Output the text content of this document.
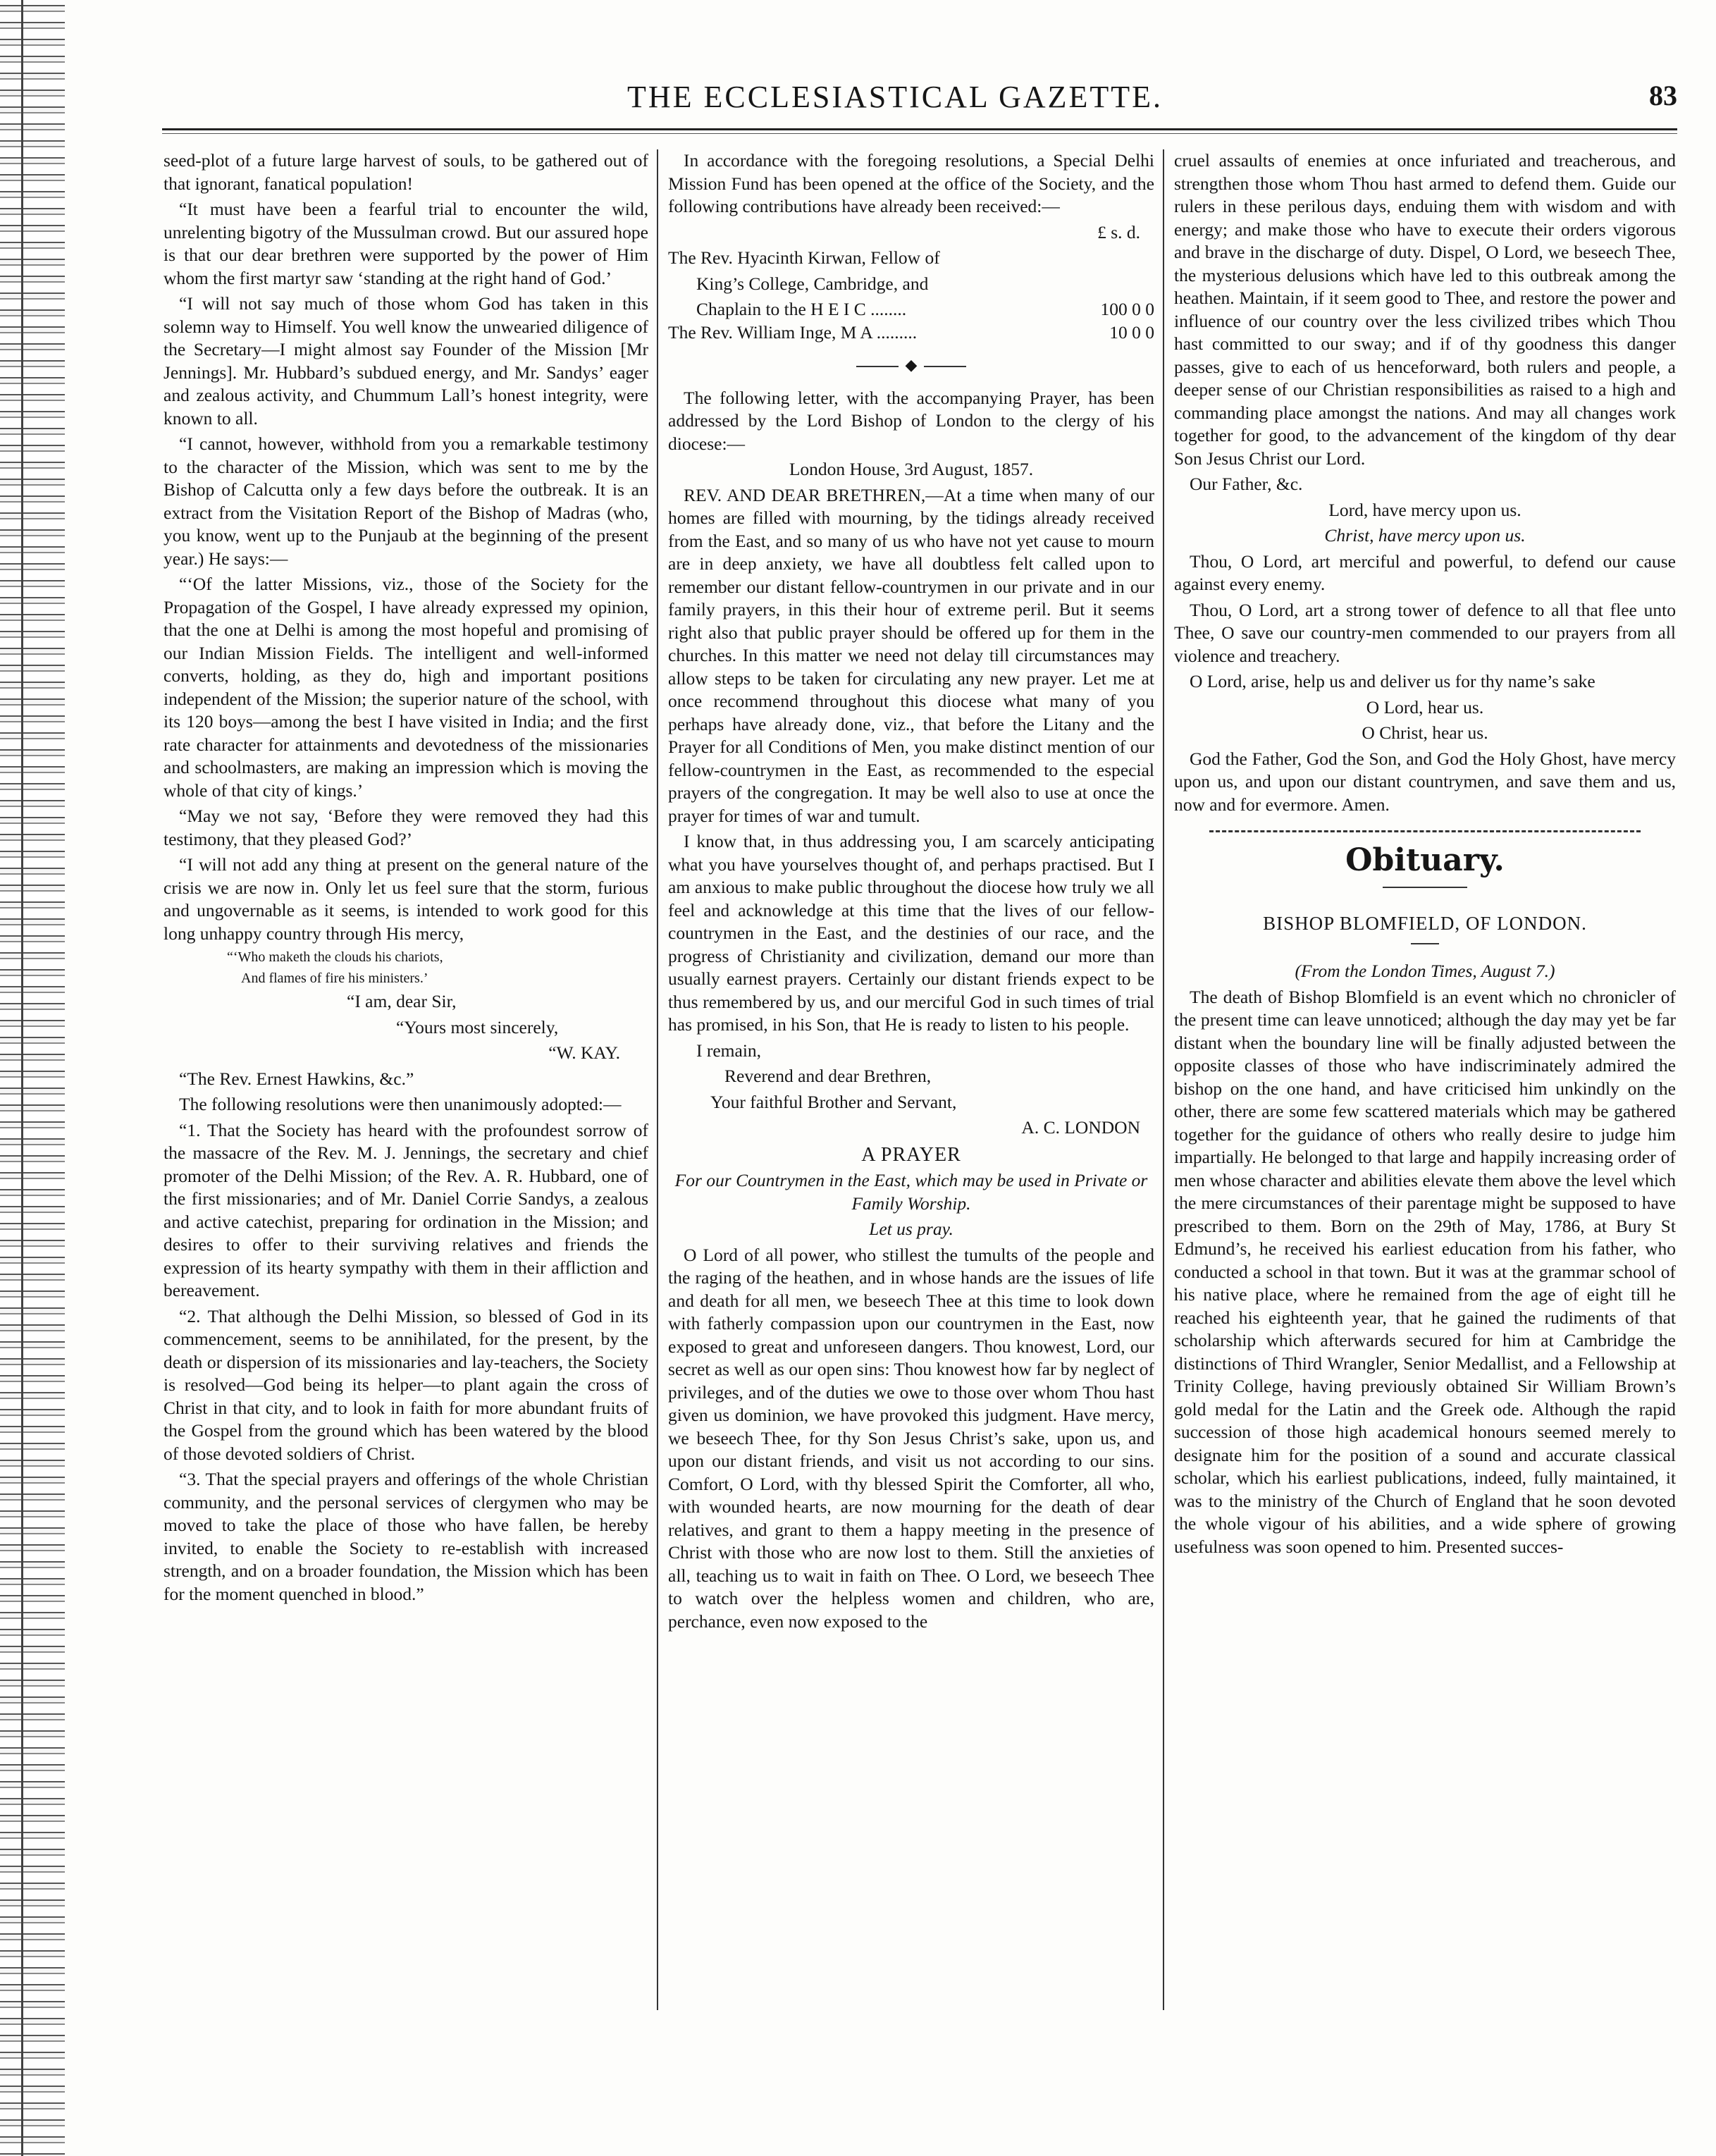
THE ECCLESIASTICAL GAZETTE.	83

seed-plot of a future large harvest of souls, to be gathered out of that ignorant, fanatical population!

“It must have been a fearful trial to encounter the wild, unrelenting bigotry of the Mussulman crowd. But our assured hope is that our dear brethren were supported by the power of Him whom the first martyr saw ‘standing at the right hand of God.’

“I will not say much of those whom God has taken in this solemn way to Himself. You well know the unwearied diligence of the Secretary—I might almost say Founder of the Mission [Mr Jennings]. Mr. Hubbard’s subdued energy, and Mr. Sandys’ eager and zealous activity, and Chummum Lall’s honest integrity, were known to all.

“I cannot, however, withhold from you a remarkable testimony to the character of the Mission, which was sent to me by the Bishop of Calcutta only a few days before the outbreak. It is an extract from the Visitation Report of the Bishop of Madras (who, you know, went up to the Punjaub at the beginning of the present year.) He says:—

“‘Of the latter Missions, viz., those of the Society for the Propagation of the Gospel, I have already expressed my opinion, that the one at Delhi is among the most hopeful and promising of our Indian Mission Fields. The intelligent and well-informed converts, holding, as they do, high and important positions independent of the Mission; the superior nature of the school, with its 120 boys—among the best I have visited in India; and the first rate character for attainments and devotedness of the missionaries and schoolmasters, are making an impression which is moving the whole of that city of kings.’

“May we not say, ‘Before they were removed they had this testimony, that they pleased God?’

“I will not add any thing at present on the general nature of the crisis we are now in. Only let us feel sure that the storm, furious and ungovernable as it seems, is intended to work good for this long unhappy country through His mercy,

“‘Who maketh the clouds his chariots,

And flames of fire his ministers.’

“I am, dear Sir,

“Yours most sincerely,

“W. KAY.

“The Rev. Ernest Hawkins, &c.”

The following resolutions were then unanimously adopted:—

“1. That the Society has heard with the profoundest sorrow of the massacre of the Rev. M. J. Jennings, the secretary and chief promoter of the Delhi Mission; of the Rev. A. R. Hubbard, one of the first missionaries; and of Mr. Daniel Corrie Sandys, a zealous and active catechist, preparing for ordination in the Mission; and desires to offer to their surviving relatives and friends the expression of its hearty sympathy with them in their affliction and bereavement.

“2. That although the Delhi Mission, so blessed of God in its commencement, seems to be annihilated, for the present, by the death or dispersion of its missionaries and lay-teachers, the Society is resolved—God being its helper—to plant again the cross of Christ in that city, and to look in faith for more abundant fruits of the Gospel from the ground which has been watered by the blood of those devoted soldiers of Christ.

“3. That the special prayers and offerings of the whole Christian community, and the personal services of clergymen who may be moved to take the place of those who have fallen, be hereby invited, to enable the Society to re-establish with increased strength, and on a broader foundation, the Mission which has been for the moment quenched in blood.”

In accordance with the foregoing resolutions, a Special Delhi Mission Fund has been opened at the office of the Society, and the following contributions have already been received:—

£ s. d.

The Rev. Hyacinth Kirwan, Fellow of

King’s College, Cambridge, and

Chaplain to the H E I C ........	100 0 0
The Rev. William Inge, M A .........	10 0 0
◆

The following letter, with the accompanying Prayer, has been addressed by the Lord Bishop of London to the clergy of his diocese:—

London House, 3rd August, 1857.

REV. AND DEAR BRETHREN,—At a time when many of our homes are filled with mourning, by the tidings already received from the East, and so many of us who have not yet cause to mourn are in deep anxiety, we have all doubtless felt called upon to remember our distant fellow-countrymen in our private and in our family prayers, in this their hour of extreme peril. But it seems right also that public prayer should be offered up for them in the churches. In this matter we need not delay till circumstances may allow steps to be taken for circulating any new prayer. Let me at once recommend throughout this diocese what many of you perhaps have already done, viz., that before the Litany and the Prayer for all Conditions of Men, you make distinct mention of our fellow-countrymen in the East, as recommended to the especial prayers of the congregation. It may be well also to use at once the prayer for times of war and tumult.

I know that, in thus addressing you, I am scarcely anticipating what you have yourselves thought of, and perhaps practised. But I am anxious to make public throughout the diocese how truly we all feel and acknowledge at this time that the lives of our fellow-countrymen in the East, and the destinies of our race, and the progress of Christianity and civilization, demand our more than usually earnest prayers. Certainly our distant friends expect to be thus remembered by us, and our merciful God in such times of trial has promised, in his Son, that He is ready to listen to his people.

I remain,

Reverend and dear Brethren,

Your faithful Brother and Servant,

A. C. LONDON

A PRAYER

For our Countrymen in the East, which may be used in Private or Family Worship.

Let us pray.

O Lord of all power, who stillest the tumults of the people and the raging of the heathen, and in whose hands are the issues of life and death for all men, we beseech Thee at this time to look down with fatherly compassion upon our countrymen in the East, now exposed to great and unforeseen dangers. Thou knowest, Lord, our secret as well as our open sins: Thou knowest how far by neglect of privileges, and of the duties we owe to those over whom Thou hast given us dominion, we have provoked this judgment. Have mercy, we beseech Thee, for thy Son Jesus Christ’s sake, upon us, and upon our distant friends, and visit us not according to our sins. Comfort, O Lord, with thy blessed Spirit the Comforter, all who, with wounded hearts, are now mourning for the death of dear relatives, and grant to them a happy meeting in the presence of Christ with those who are now lost to them. Still the anxieties of all, teaching us to wait in faith on Thee. O Lord, we beseech Thee to watch over the helpless women and children, who are, perchance, even now exposed to the

cruel assaults of enemies at once infuriated and treacherous, and strengthen those whom Thou hast armed to defend them. Guide our rulers in these perilous days, enduing them with wisdom and with energy; and make those who have to execute their orders vigorous and brave in the discharge of duty. Dispel, O Lord, we beseech Thee, the mysterious delusions which have led to this outbreak among the heathen. Maintain, if it seem good to Thee, and restore the power and influence of our country over the less civilized tribes which Thou hast committed to our sway; and if of thy goodness this danger passes, give to each of us henceforward, both rulers and people, a deeper sense of our Christian responsibilities as raised to a high and commanding place amongst the nations. And may all changes work together for good, to the advancement of the kingdom of thy dear Son Jesus Christ our Lord.

Our Father, &c.

Lord, have mercy upon us.

Christ, have mercy upon us.

Thou, O Lord, art merciful and powerful, to defend our cause against every enemy.

Thou, O Lord, art a strong tower of defence to all that flee unto Thee, O save our country-men commended to our prayers from all violence and treachery.

O Lord, arise, help us and deliver us for thy name’s sake

O Lord, hear us.

O Christ, hear us.

God the Father, God the Son, and God the Holy Ghost, have mercy upon us, and upon our distant countrymen, and save them and us, now and for evermore. Amen.

Obituary.
BISHOP BLOMFIELD, OF LONDON.

(From the London Times, August 7.)

The death of Bishop Blomfield is an event which no chronicler of the present time can leave unnoticed; although the day may yet be far distant when the boundary line will be finally adjusted between the opposite classes of those who have indiscriminately admired the bishop on the one hand, and have criticised him unkindly on the other, there are some few scattered materials which may be gathered together for the guidance of others who really desire to judge him impartially. He belonged to that large and happily increasing order of men whose character and abilities elevate them above the level which the mere circumstances of their parentage might be supposed to have prescribed to them. Born on the 29th of May, 1786, at Bury St Edmund’s, he received his earliest education from his father, who conducted a school in that town. But it was at the grammar school of his native place, where he remained from the age of eight till he reached his eighteenth year, that he gained the rudiments of that scholarship which afterwards secured for him at Cambridge the distinctions of Third Wrangler, Senior Medallist, and a Fellowship at Trinity College, having previously obtained Sir William Brown’s gold medal for the Latin and the Greek ode. Although the rapid succession of those high academical honours seemed merely to designate him for the position of a sound and accurate classical scholar, which his earliest publications, indeed, fully maintained, it was to the ministry of the Church of England that he soon devoted the whole vigour of his abilities, and a wide sphere of growing usefulness was soon opened to him. Presented succes-
